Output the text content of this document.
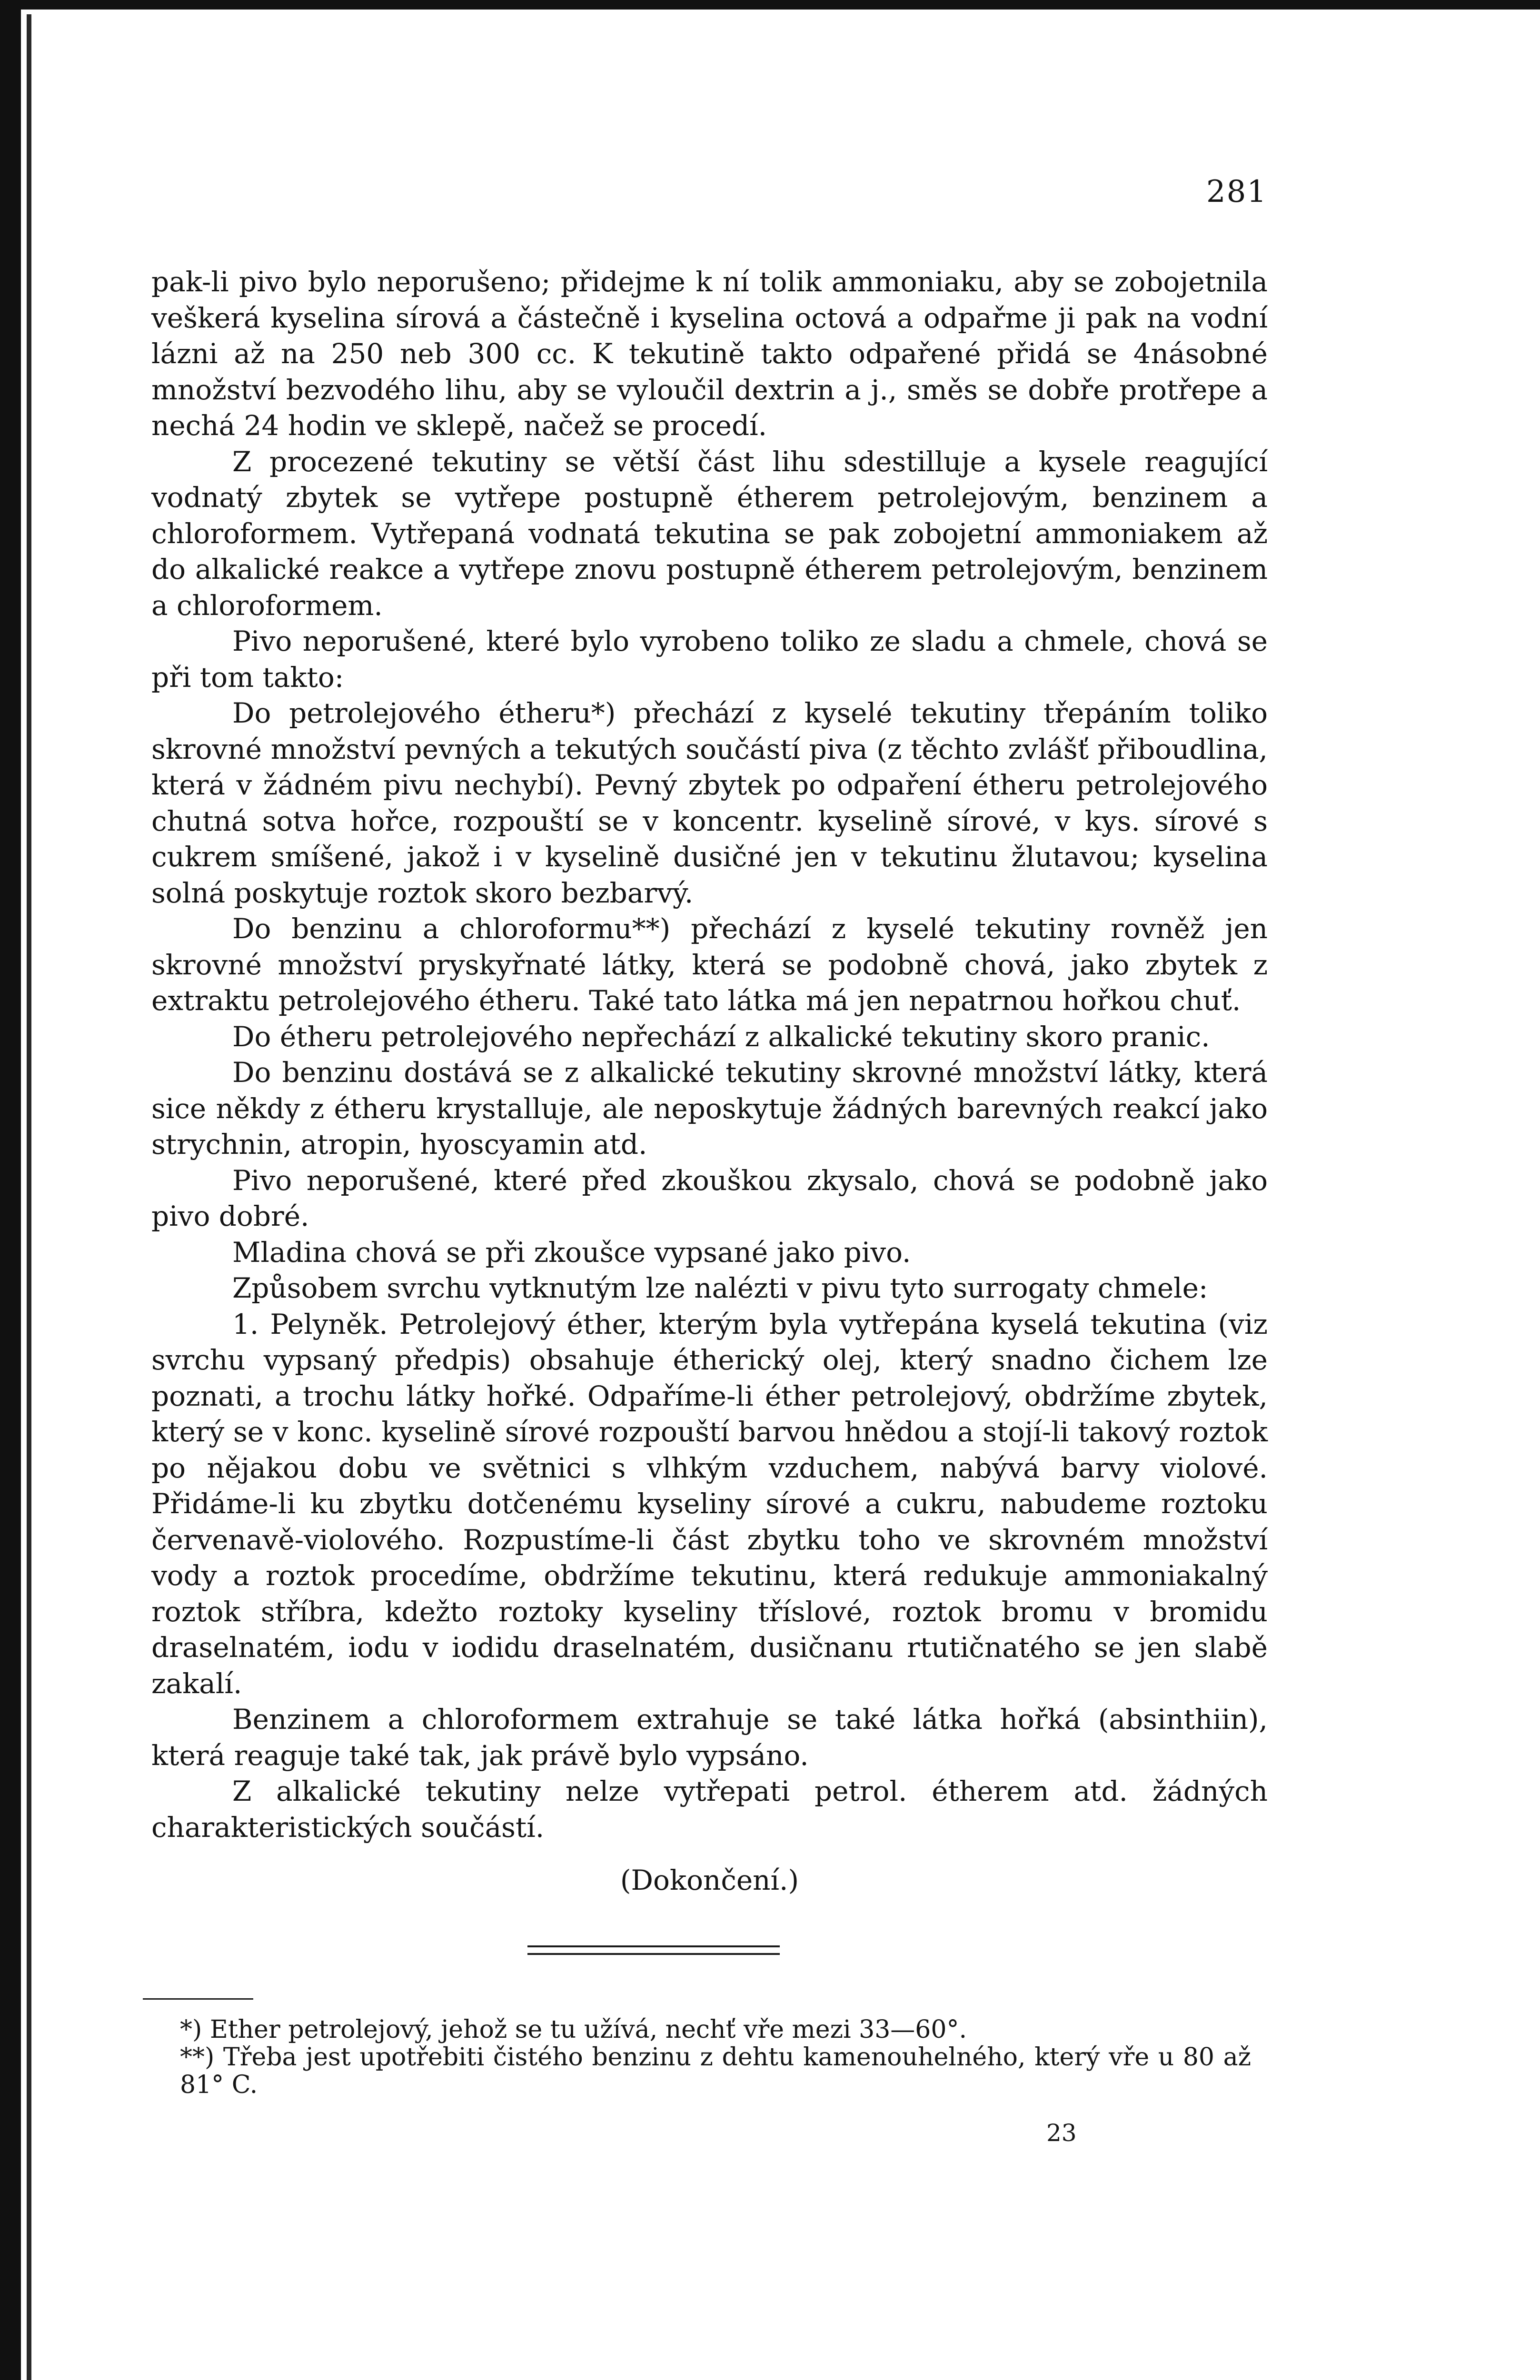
281

pak-li pivo bylo neporušeno; přidejme k ní tolik ammoniaku, aby se zobojetnila veškerá kyselina sírová a částečně i kyselina octová a odpařme ji pak na vodní lázni až na 250 neb 300 cc. K tekutině takto odpařené přidá se 4násobné množství bezvodého lihu, aby se vyloučil dextrin a j., směs se dobře protřepe a nechá 24 hodin ve sklepě, načež se procedí.

Z procezené tekutiny se větší část lihu sdestilluje a kysele reagující vodnatý zbytek se vytřepe postupně étherem petrolejovým, benzinem a chloroformem. Vytřepaná vodnatá tekutina se pak zobojetní ammoniakem až do alkalické reakce a vytřepe znovu postupně étherem petrolejovým, benzinem a chloroformem.

Pivo neporušené, které bylo vyrobeno toliko ze sladu a chmele, chová se při tom takto:

Do petrolejového étheru*) přechází z kyselé tekutiny třepáním toliko skrovné množství pevných a tekutých součástí piva (z těchto zvlášť přiboudlina, která v žádném pivu nechybí). Pevný zbytek po odpaření étheru petrolejového chutná sotva hořce, rozpouští se v koncentr. kyselině sírové, v kys. sírové s cukrem smíšené, jakož i v kyselině dusičné jen v tekutinu žlutavou; kyselina solná poskytuje roztok skoro bezbarvý.

Do benzinu a chloroformu**) přechází z kyselé tekutiny rovněž jen skrovné množství pryskyřnaté látky, která se podobně chová, jako zbytek z extraktu petrolejového étheru. Také tato látka má jen nepatrnou hořkou chuť.

Do étheru petrolejového nepřechází z alkalické tekutiny skoro pranic.

Do benzinu dostává se z alkalické tekutiny skrovné množství látky, která sice někdy z étheru krystalluje, ale neposkytuje žádných barevných reakcí jako strychnin, atropin, hyoscyamin atd.

Pivo neporušené, které před zkouškou zkysalo, chová se podobně jako pivo dobré.

Mladina chová se při zkoušce vypsané jako pivo.

Způsobem svrchu vytknutým lze nalézti v pivu tyto surrogaty chmele:

1. Pelyněk. Petrolejový éther, kterým byla vytřepána kyselá tekutina (viz svrchu vypsaný předpis) obsahuje étherický olej, který snadno čichem lze poznati, a trochu látky hořké. Odpaříme-li éther petrolejový, obdržíme zbytek, který se v konc. kyselině sírové rozpouští barvou hnědou a stojí-li takový roztok po nějakou dobu ve světnici s vlhkým vzduchem, nabývá barvy violové. Přidáme-li ku zbytku dotčenému kyseliny sírové a cukru, nabudeme roztoku červenavě-violového. Rozpustíme-li část zbytku toho ve skrovném množství vody a roztok procedíme, obdržíme tekutinu, která redukuje ammoniakalný roztok stříbra, kdežto roztoky kyseliny tříslové, roztok bromu v bromidu draselnatém, iodu v iodidu draselnatém, dusičnanu rtutičnatého se jen slabě zakalí.

Benzinem a chloroformem extrahuje se také látka hořká (absinthiin), která reaguje také tak, jak právě bylo vypsáno.

Z alkalické tekutiny nelze vytřepati petrol. étherem atd. žádných charakteristických součástí.

(Dokončení.)

*) Ether petrolejový, jehož se tu užívá, nechť vře mezi 33—60°.

**) Třeba jest upotřebiti čistého benzinu z dehtu kamenouhelného, který vře u 80 až 81° C.

23
